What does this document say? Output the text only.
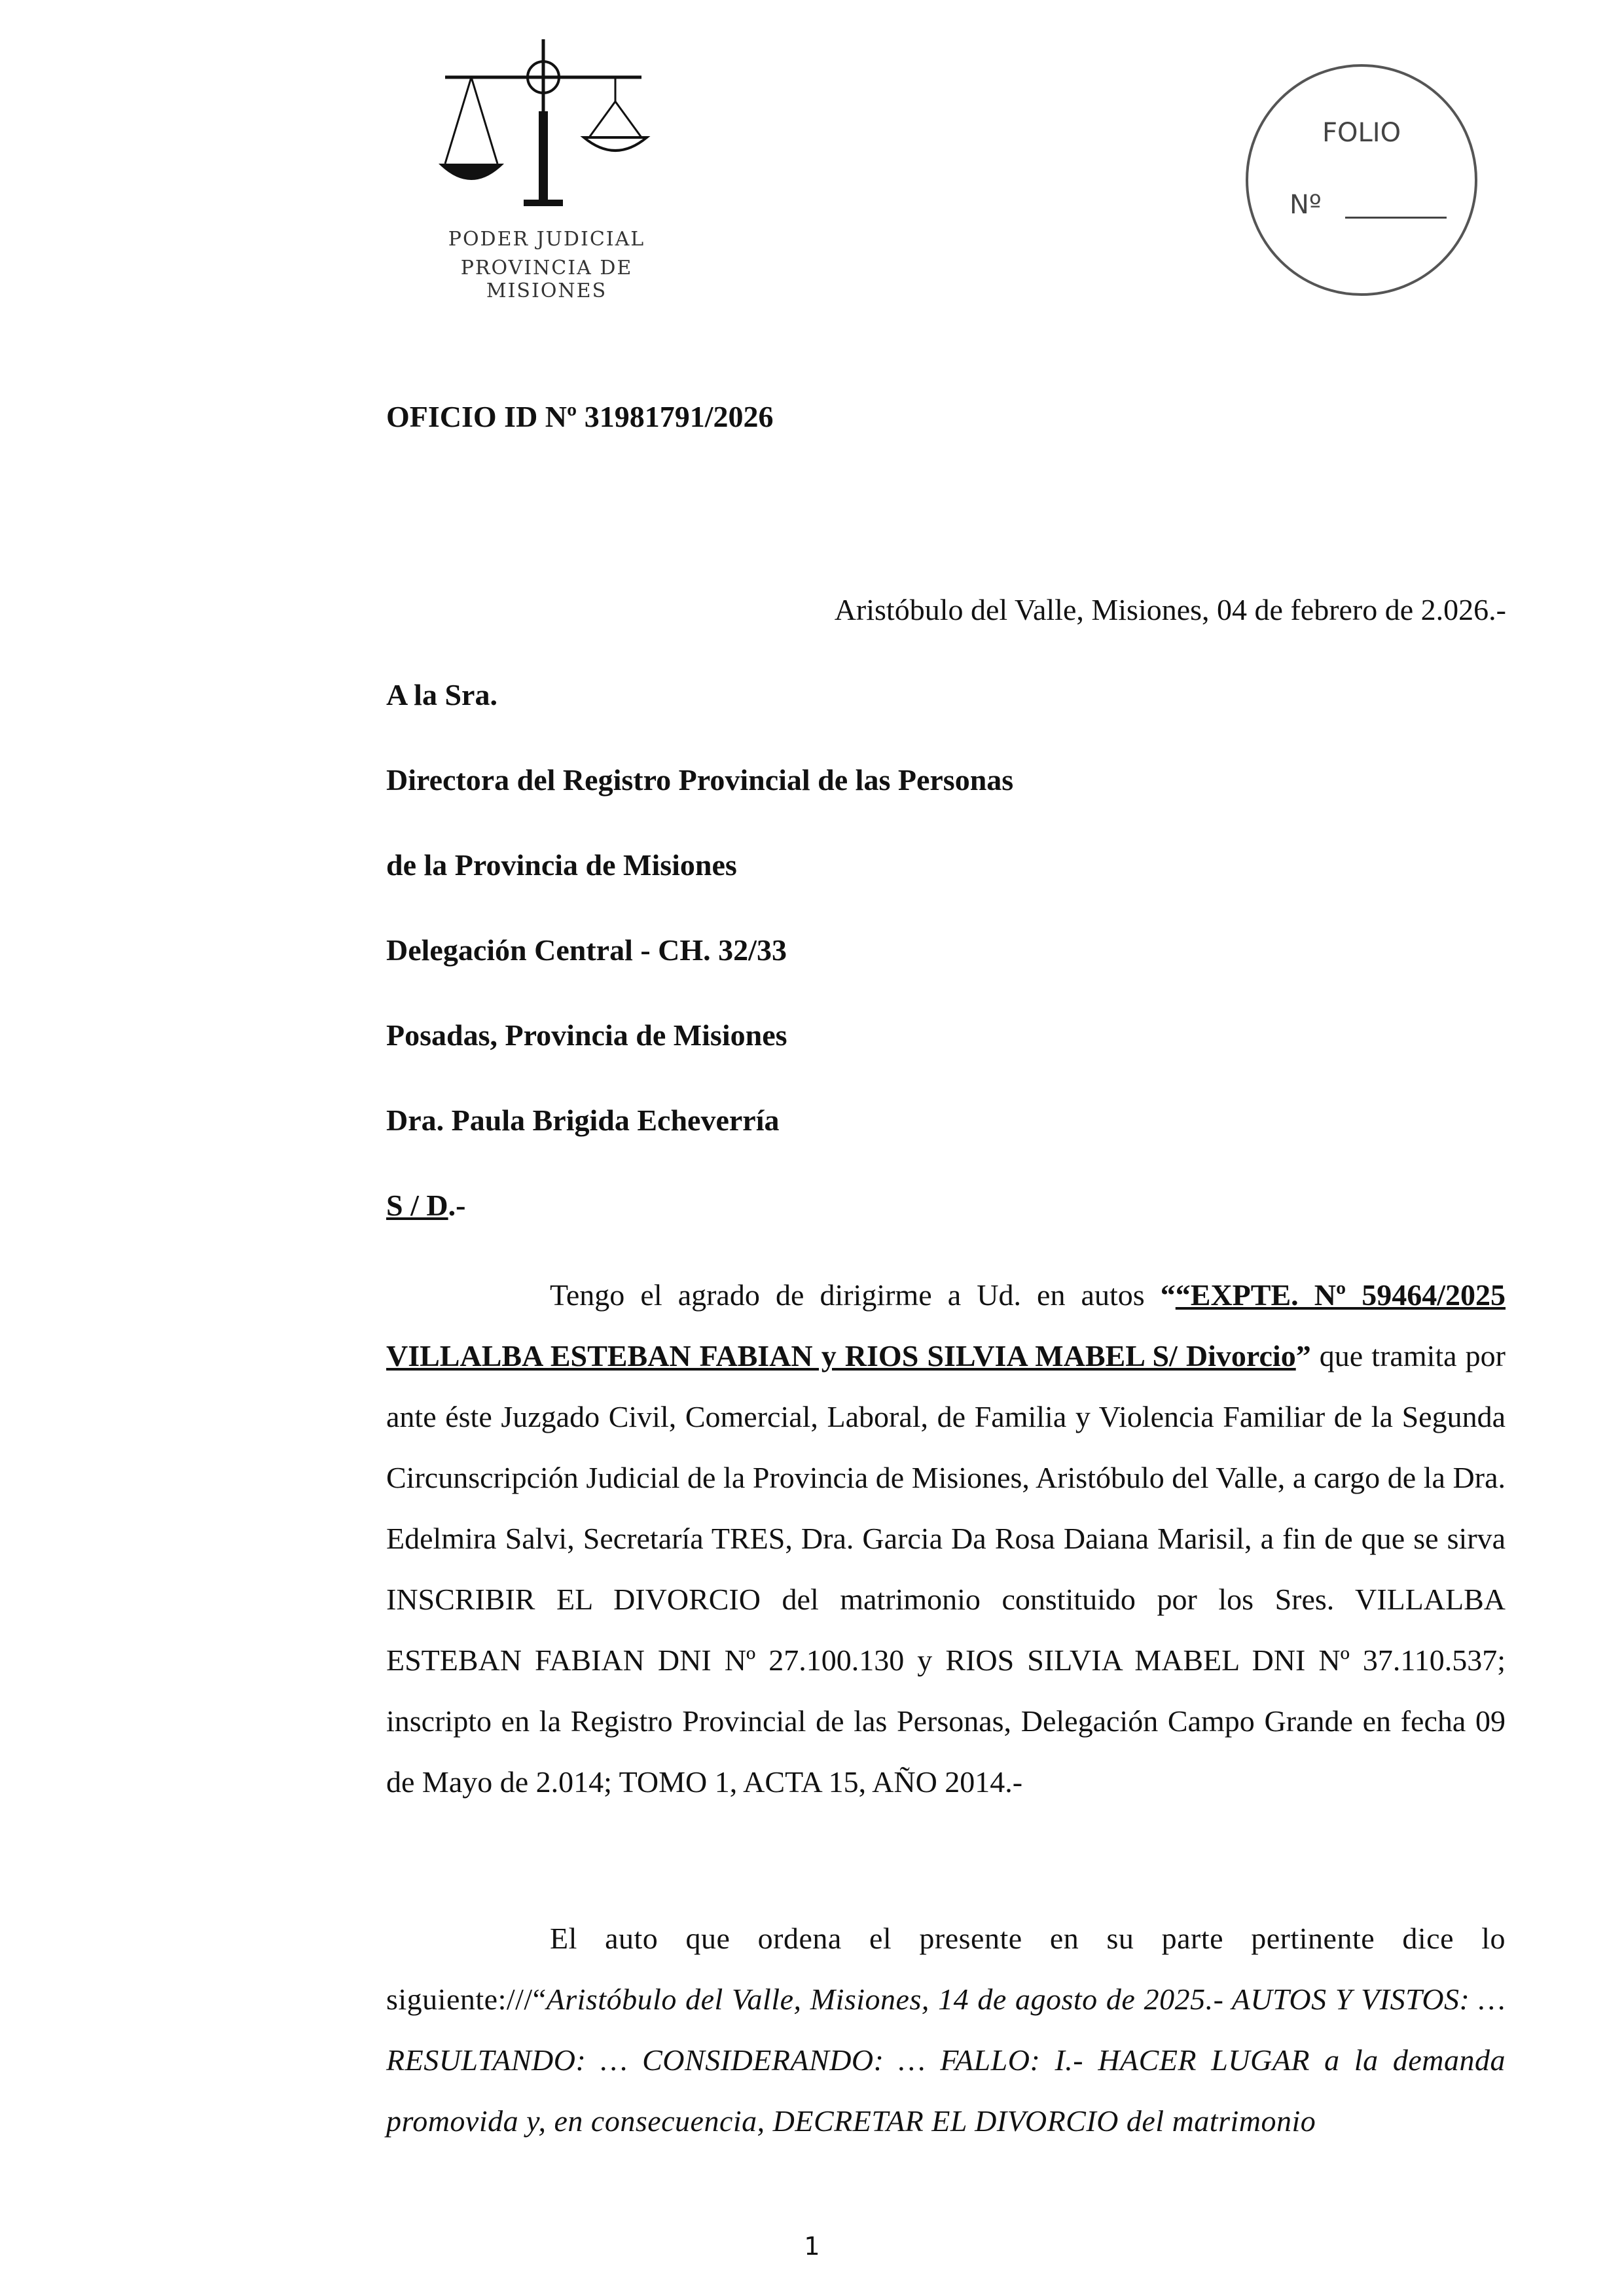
PODER JUDICIAL
PROVINCIA DE MISIONES
FOLIO
Nº
OFICIO ID Nº 31981791/2026
Aristóbulo del Valle, Misiones, 04 de febrero de 2.026.-
A la Sra.
Directora del Registro Provincial de las Personas
de la Provincia de Misiones
Delegación Central - CH. 32/33
Posadas, Provincia de Misiones
Dra. Paula Brigida Echeverría
S / D.-
Tengo el agrado de dirigirme a Ud. en autos ““EXPTE. Nº 59464/2025 VILLALBA ESTEBAN FABIAN y RIOS SILVIA MABEL S/ Divorcio” que tramita por ante éste Juzgado Civil, Comercial, Laboral, de Familia y Violencia Familiar de la Segunda Circunscripción Judicial de la Provincia de Misiones, Aristóbulo del Valle, a cargo de la Dra. Edelmira Salvi, Secretaría TRES, Dra. Garcia Da Rosa Daiana Marisil, a fin de que se sirva INSCRIBIR EL DIVORCIO del matrimonio constituido por los Sres. VILLALBA ESTEBAN FABIAN DNI Nº 27.100.130 y RIOS SILVIA MABEL DNI Nº 37.110.537; inscripto en la Registro Provincial de las Personas, Delegación Campo Grande en fecha 09 de Mayo de 2.014; TOMO 1, ACTA 15, AÑO 2014.-
El auto que ordena el presente en su parte pertinente dice lo siguiente:///“Aristóbulo del Valle, Misiones, 14 de agosto de 2025.- AUTOS Y VISTOS: … RESULTANDO: … CONSIDERANDO: … FALLO: I.- HACER LUGAR a la demanda promovida y, en consecuencia, DECRETAR EL DIVORCIO del matrimonio
1
